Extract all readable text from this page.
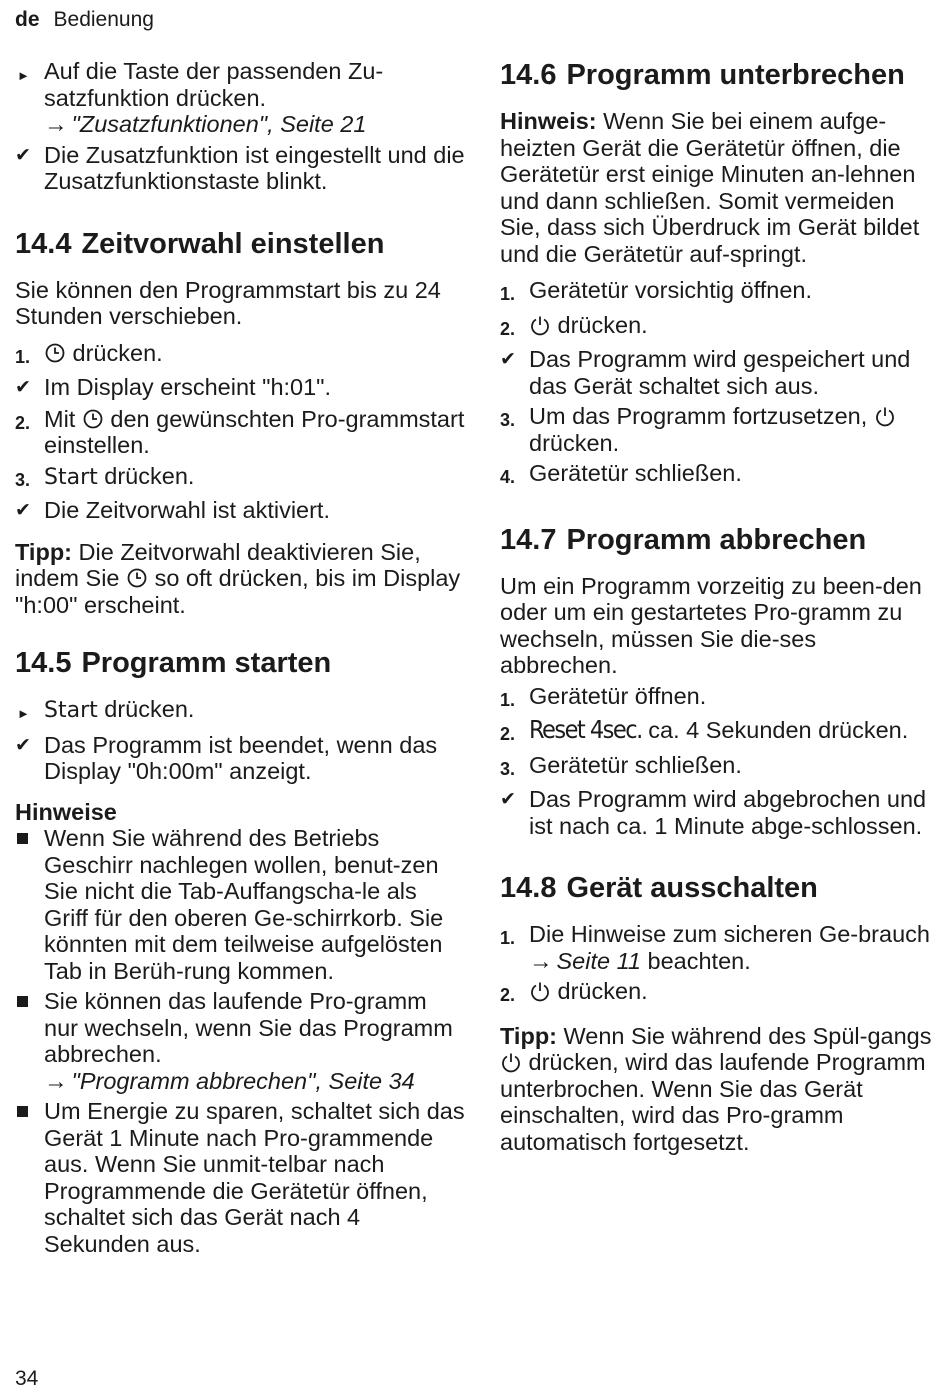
de Bedienung
► Auf die Taste der passenden Zu-satzfunktion drücken.
→ "Zusatzfunktionen", Seite 21
✔ Die Zusatzfunktion ist eingestellt und die Zusatzfunktionstaste blinkt.
14.4 Zeitvorwahl einstellen

Sie können den Programmstart bis zu 24 Stunden verschieben.

1.	drücken.
✔ Im Display erscheint "h:01".
2. Mit den gewünschten Pro-grammstart einstellen.
3. Start drücken.
✔ Die Zeitvorwahl ist aktiviert.

Tipp: Die Zeitvorwahl deaktivieren Sie, indem Sie so oft drücken, bis im Display "h:00" erscheint.

14.5 Programm starten
► Start drücken.
✔ Das Programm ist beendet, wenn das Display "0h:00m" anzeigt.
Hinweise
Wenn Sie während des Betriebs Geschirr nachlegen wollen, benut-zen Sie nicht die Tab-Auffangscha-le als Griff für den oberen Ge-schirrkorb. Sie könnten mit dem teilweise aufgelösten Tab in Berüh-rung kommen.
Sie können das laufende Pro-gramm nur wechseln, wenn Sie das Programm abbrechen.
→ "Programm abbrechen", Seite 34
Um Energie zu sparen, schaltet sich das Gerät 1 Minute nach Pro-grammende aus. Wenn Sie unmit-telbar nach Programmende die Gerätetür öffnen, schaltet sich das Gerät nach 4 Sekunden aus.
14.6 Programm unterbrechen

Hinweis: Wenn Sie bei einem aufge-heizten Gerät die Gerätetür öffnen, die Gerätetür erst einige Minuten an-lehnen und dann schließen. Somit vermeiden Sie, dass sich Überdruck im Gerät bildet und die Gerätetür auf-springt.

1. Gerätetür vorsichtig öffnen.
2.	drücken.
✔ Das Programm wird gespeichert und das Gerät schaltet sich aus.
3. Um das Programm fortzusetzen,  drücken.
4. Gerätetür schließen.
14.7 Programm abbrechen

Um ein Programm vorzeitig zu been-den oder um ein gestartetes Pro-gramm zu wechseln, müssen Sie die-ses abbrechen.

1. Gerätetür öffnen.
2. Reset 4sec. ca. 4 Sekunden drücken.
3. Gerätetür schließen.
✔ Das Programm wird abgebrochen und ist nach ca. 1 Minute abge-schlossen.
14.8 Gerät ausschalten
1. Die Hinweise zum sicheren Ge-brauch → Seite 11 beachten.
2.	drücken.

Tipp: Wenn Sie während des Spül-gangs  drücken, wird das laufende Programm unterbrochen. Wenn Sie das Gerät einschalten, wird das Pro-gramm automatisch fortgesetzt.

34
